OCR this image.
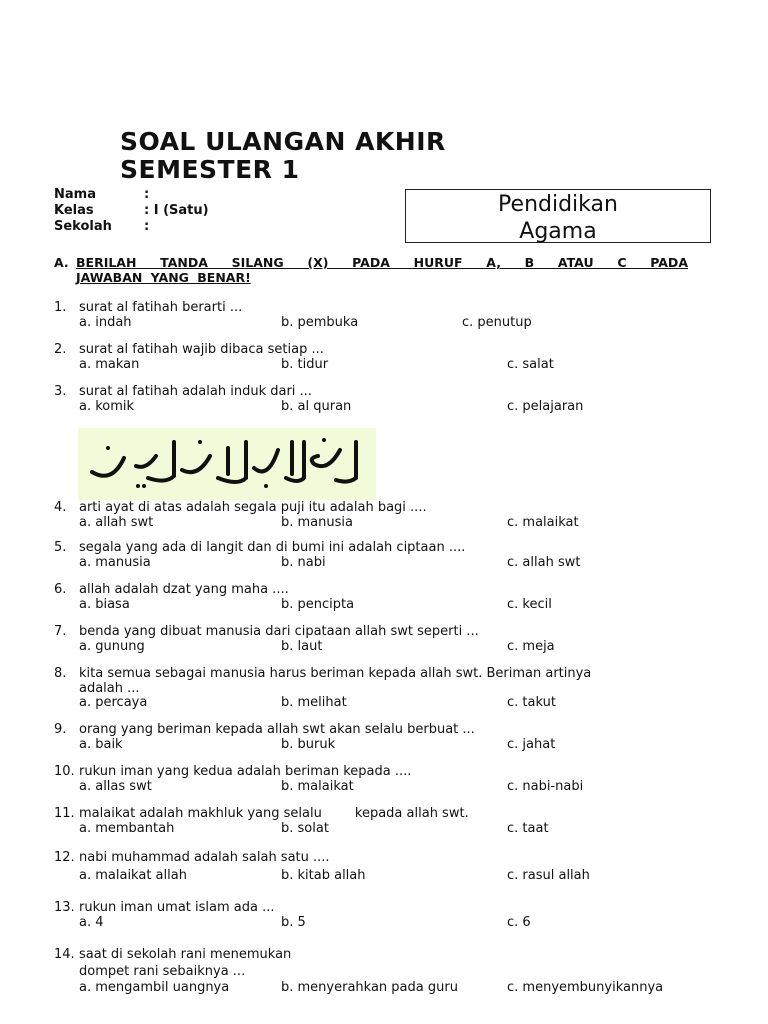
SOAL ULANGAN AKHIR
SEMESTER 1
Nama	:
Kelas	: I (Satu)
Sekolah :
Pendidikan
Agama
A. BERILAH TANDA SILANG (X) PADA HURUF A, B ATAU C PADA
JAWABAN YANG BENAR!
1. surat al fatihah berarti ...
a. indah	b. pembuka	c. penutup
2. surat al fatihah wajib dibaca setiap ...
a. makan	b. tidur	c. salat
3. surat al fatihah adalah induk dari ...
a. komik	b. al quran	c. pelajaran
4. arti ayat di atas adalah segala puji itu adalah bagi ....
a. allah swt	b. manusia	c. malaikat
5. segala yang ada di langit dan di bumi ini adalah ciptaan ....
a. manusia	b. nabi	c. allah swt
6. allah adalah dzat yang maha ....
a. biasa	b. pencipta	c. kecil
7. benda yang dibuat manusia dari cipataan allah swt seperti ...
a. gunung	b. laut	c. meja
8. kita semua sebagai manusia harus beriman kepada allah swt. Beriman artinya
adalah ...
a. percaya	b. melihat	c. takut
9. orang yang beriman kepada allah swt akan selalu berbuat ...
a. baik	b. buruk	c. jahat
10. rukun iman yang kedua adalah beriman kepada ....
a. allas swt	b. malaikat	c. nabi-nabi
11. malaikat adalah makhluk yang selalu        kepada allah swt.
a. membantah	b. solat	c. taat
12. nabi muhammad adalah salah satu ....
a. malaikat allah	b. kitab allah	c. rasul allah
13. rukun iman umat islam ada ...
a. 4	b. 5	c. 6
14. saat di sekolah rani menemukan
dompet rani sebaiknya ...
a. mengambil uangnya	b. menyerahkan pada guru	c. menyembunyikannya
